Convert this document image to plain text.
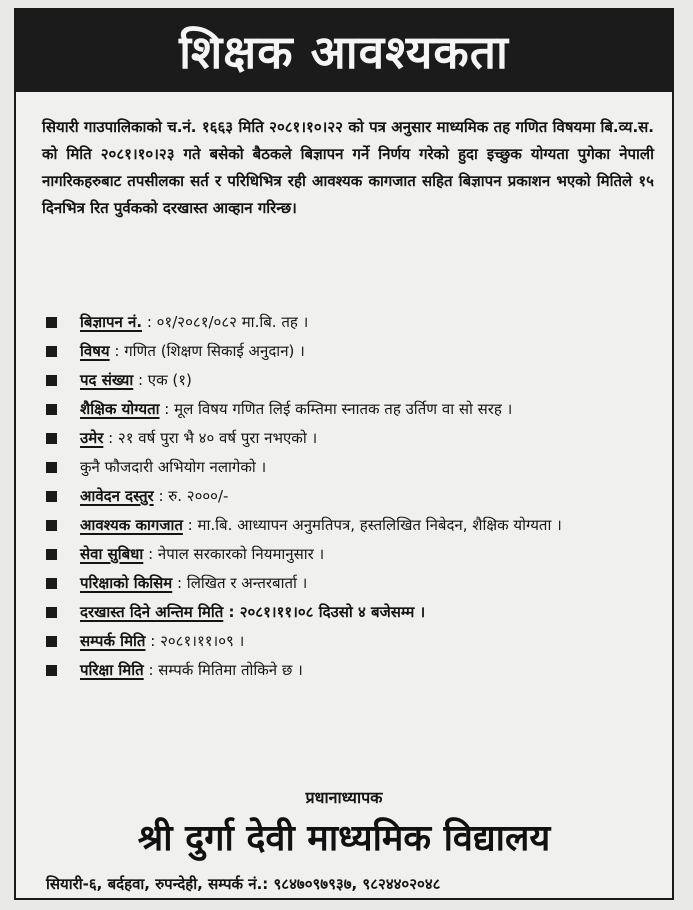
शिक्षक आवश्यकता
सियारी गाउपालिकाको च.नं. १६६३ मिति २०८१।१०।२२ को पत्र अनुसार माध्यमिक तह गणित विषयमा बि.व्य.स. को मिति २०८१।१०।२३ गते बसेको बैठकले बिज्ञापन गर्ने निर्णय गरेको हुदा इच्छुक योग्यता पुगेका नेपाली नागरिकहरुबाट तपसीलका सर्त र परिधिभित्र रही आवश्यक कागजात सहित बिज्ञापन प्रकाशन भएको मितिले १५ दिनभित्र रित पुर्वकको दरखास्त आव्हान गरिन्छ।
बिज्ञापन नं. : ०१/२०८१/०८२ मा.बि. तह ।
विषय : गणित (शिक्षण सिकाई अनुदान) ।
पद संख्या : एक (१)
शैक्षिक योग्यता : मूल विषय गणित लिई कम्तिमा स्नातक तह उर्तिण वा सो सरह ।
उमेर : २१ वर्ष पुरा भै ४० वर्ष पुरा नभएको ।
कुनै फौजदारी अभियोग नलागेको ।
आवेदन दस्तुर : रु. २०००/-
आवश्यक कागजात : मा.बि. आध्यापन अनुमतिपत्र, हस्तलिखित निबेदन, शैक्षिक योग्यता ।
सेवा सुबिधा : नेपाल सरकारको नियमानुसार ।
परिक्षाको किसिम : लिखित र अन्तरबार्ता ।
दरखास्त दिने अन्तिम मिति : २०८१।११।०८ दिउसो ४ बजेसम्म ।
सम्पर्क मिति : २०८१।११।०९ ।
परिक्षा मिति : सम्पर्क मितिमा तोकिने छ ।
प्रधानाध्यापक
श्री दुर्गा देवी माध्यमिक विद्यालय
सियारी-६, बर्दहवा, रुपन्देही, सम्पर्क नं.: ९८४७०९७९३७, ९८२४४०२०४८
